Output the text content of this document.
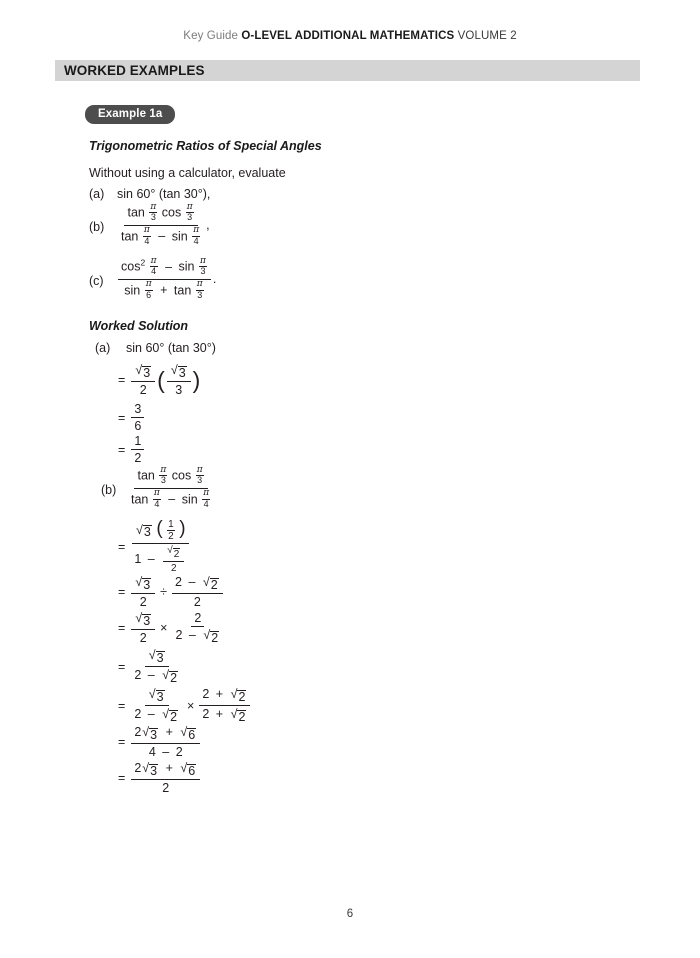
Key Guide O-LEVEL ADDITIONAL MATHEMATICS VOLUME 2
WORKED EXAMPLES
Example 1a
Trigonometric Ratios of Special Angles
Without using a calculator, evaluate
(a) sin 60° (tan 30°),
$(b) \frac{\tan \frac{\pi}{3} \cos \frac{\pi}{3}}{\tan \frac{\pi}{4} - \sin \frac{\pi}{4}}$ ,
$(c) \frac{\cos^2 \frac{\pi}{4} - \sin \frac{\pi}{3}}{\sin \frac{\pi}{6} + \tan \frac{\pi}{3}}$ .
Worked Solution
(a) sin 60° (tan 30°)
= $\frac{√ 3}{2}$ ( $\frac{√ 3}{3}$ )
= $\frac{3}{6}$
= $\frac{1}{2}$
$(b) \frac{\tan \frac{\pi}{3} \cos \frac{\pi}{3}}{\tan \frac{\pi}{4} - \sin \frac{\pi}{4}}$
=
√ 3 ( $\frac{1}{2}$ )
$1 - \frac{√ 2}{2}$
= $\frac{√ 3}{2} \div \frac{2 - √ 2}{2}$
= $\frac{√ 3}{2} \times \frac{2}{2 - √ 2}$
= $\frac{√ 3}{2 - √ 2}$
= $\frac{√ 3}{2 - √ 2} \times \frac{2 + √ 2}{2 + √ 2}$
= $\frac{2 √ 3 + √ 6}{4 - 2}$
= $\frac{2 √ 3 + √ 6}{2}$
6
